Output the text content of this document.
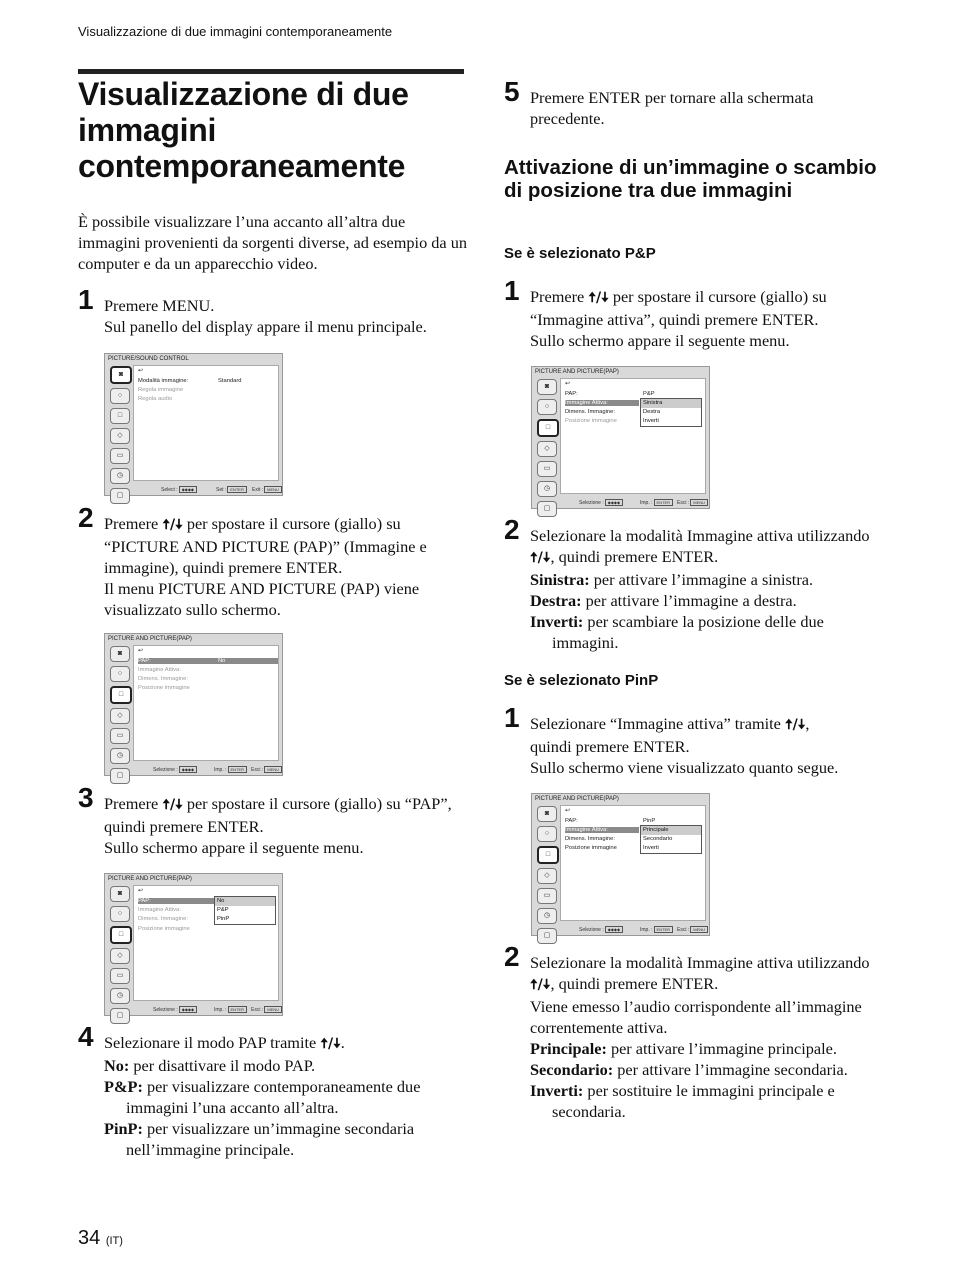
Visualizzazione di due immagini contemporaneamente
Visualizzazione di due
immagini
contemporaneamente
È possibile visualizzare l’una accanto all’altra due immagini provenienti da sorgenti diverse, ad esempio da un computer e da un apparecchio video.
1 Premere MENU.
Sul panello del display appare il menu principale.
PICTURE/SOUND CONTROL
◙
○
□
◇
▭
◷
▢
↩
Modalità immagine:	Standard
Regola immagine
Regola audio
Select : ◆◆◆◆	Set : ENTER	Exit : MENU
2 Premere 🠅/🠇 per spostare il cursore (giallo) su “PICTURE AND PICTURE (PAP)” (Immagine e immagine), quindi premere ENTER.
Il menu PICTURE AND PICTURE (PAP) viene visualizzato sullo schermo.
PICTURE AND PICTURE(PAP)
◙
○
□
◇
▭
◷
▢
↩
PAP:	No
Immagine Attiva:
Dimens. Immagine:
Posizione immagine
Selezione : ◆◆◆◆	Imp. : ENTER	Esci : MENU
3 Premere 🠅/🠇 per spostare il cursore (giallo) su “PAP”, quindi premere ENTER.
Sullo schermo appare il seguente menu.
PICTURE AND PICTURE(PAP)
◙
○
□
◇
▭
◷
▢
↩
PAP:
Immagine Attiva:
Dimens. Immagine:
Posizione immagine
No
P&P
PinP
Selezione : ◆◆◆◆	Imp. : ENTER	Esci : MENU
4 Selezionare il modo PAP tramite 🠅/🠇.
No: per disattivare il modo PAP.
P&P: per visualizzare contemporaneamente due immagini l’una accanto all’altra.
PinP: per visualizzare un’immagine secondaria nell’immagine principale.
5 Premere ENTER per tornare alla schermata precedente.
Attivazione di un’immagine o scambio di posizione tra due immagini
Se è selezionato P&P
1 Premere 🠅/🠇 per spostare il cursore (giallo) su “Immagine attiva”, quindi premere ENTER.
Sullo schermo appare il seguente menu.
PICTURE AND PICTURE(PAP)
◙
○
□
◇
▭
◷
▢
↩
PAP:	P&P
Immagine Attiva:
Dimens. Immagine:
Posizione immagine
Sinistra
Destra
Inverti
Selezione : ◆◆◆◆	Imp. : ENTER	Esci : MENU
2 Selezionare la modalità Immagine attiva utilizzando 🠅/🠇, quindi premere ENTER.
Sinistra: per attivare l’immagine a sinistra.
Destra: per attivare l’immagine a destra.
Inverti: per scambiare la posizione delle due immagini.
Se è selezionato PinP
1 Selezionare “Immagine attiva” tramite 🠅/🠇,
quindi premere ENTER.
Sullo schermo viene visualizzato quanto segue.
PICTURE AND PICTURE(PAP)
◙
○
□
◇
▭
◷
▢
↩
PAP:	PinP
Immagine Attiva:
Dimens. Immagine:
Posizione immagine
Principale
Secondario
Inverti
Selezione : ◆◆◆◆	Imp. : ENTER	Esci : MENU
2 Selezionare la modalità Immagine attiva utilizzando 🠅/🠇, quindi premere ENTER.
Viene emesso l’audio corrispondente all’immagine correntemente attiva.
Principale: per attivare l’immagine principale.
Secondario: per attivare l’immagine secondaria.
Inverti: per sostituire le immagini principale e secondaria.
34 (IT)
